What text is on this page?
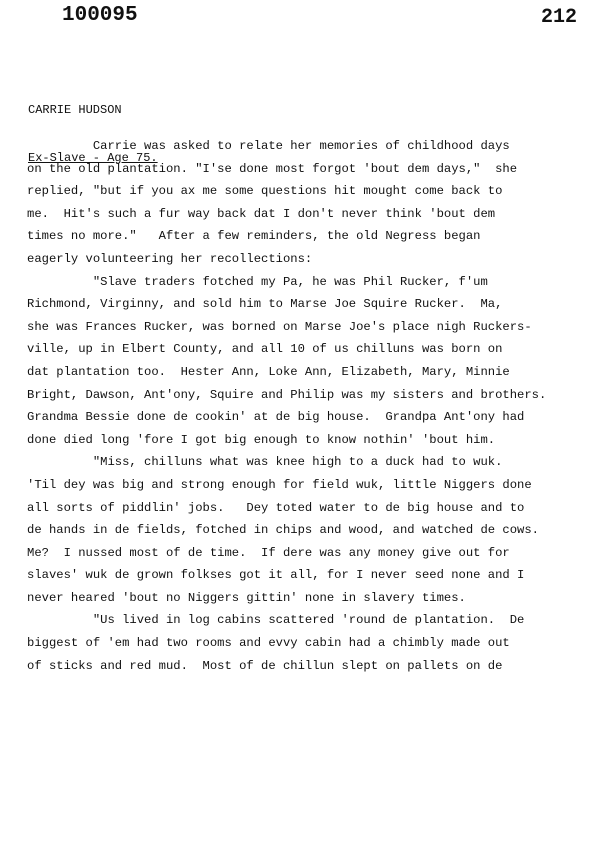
100095	212

CARRIE HUDSON

Ex-Slave - Age 75.

Carrie was asked to relate her memories of childhood days
on the old plantation. "I'se done most forgot 'bout dem days,"  she
replied, "but if you ax me some questions hit mought come back to
me.  Hit's such a fur way back dat I don't never think 'bout dem
times no more."   After a few reminders, the old Negress began
eagerly volunteering her recollections:
"Slave traders fotched my Pa, he was Phil Rucker, f'um
Richmond, Virginny, and sold him to Marse Joe Squire Rucker.  Ma,
she was Frances Rucker, was borned on Marse Joe's place nigh Ruckers-
ville, up in Elbert County, and all 10 of us chilluns was born on
dat plantation too.  Hester Ann, Loke Ann, Elizabeth, Mary, Minnie
Bright, Dawson, Ant'ony, Squire and Philip was my sisters and brothers.
Grandma Bessie done de cookin' at de big house.  Grandpa Ant'ony had
done died long 'fore I got big enough to know nothin' 'bout him.
"Miss, chilluns what was knee high to a duck had to wuk.
'Til dey was big and strong enough for field wuk, little Niggers done
all sorts of piddlin' jobs.   Dey toted water to de big house and to
de hands in de fields, fotched in chips and wood, and watched de cows.
Me?  I nussed most of de time.  If dere was any money give out for
slaves' wuk de grown folkses got it all, for I never seed none and I
never heared 'bout no Niggers gittin' none in slavery times.
"Us lived in log cabins scattered 'round de plantation.  De
biggest of 'em had two rooms and evvy cabin had a chimbly made out
of sticks and red mud.  Most of de chillun slept on pallets on de
